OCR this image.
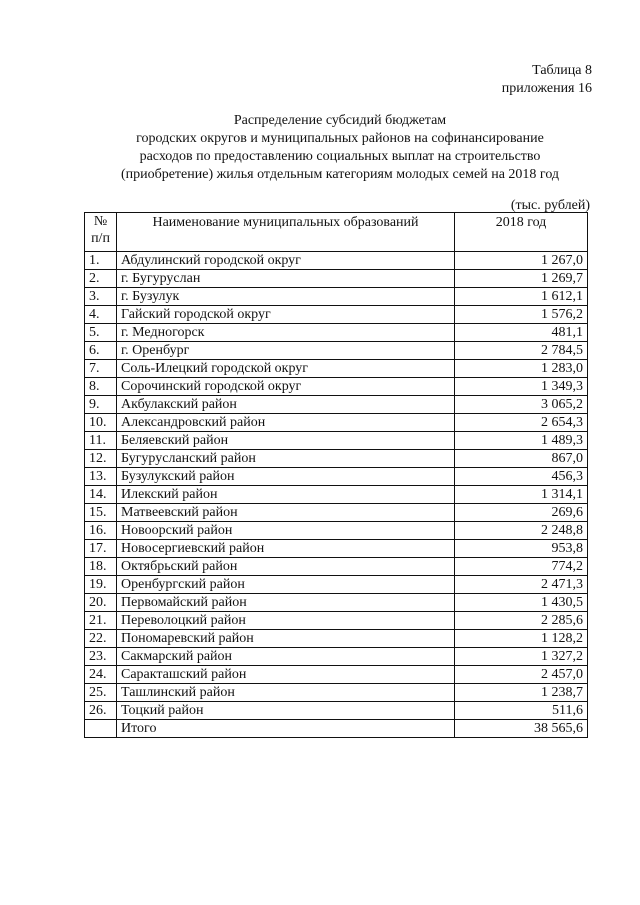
Таблица 8
приложения 16
Распределение субсидий бюджетам
городских округов и муниципальных районов на софинансирование
расходов по предоставлению социальных выплат на строительство
(приобретение) жилья отдельным категориям молодых семей на 2018 год
(тыс. рублей)
№ п/п	Наименование муниципальных образований	2018 год
1.	Абдулинский городской округ	1 267,0
2.	г. Бугуруслан	1 269,7
3.	г. Бузулук	1 612,1
4.	Гайский городской округ	1 576,2
5.	г. Медногорск	481,1
6.	г. Оренбург	2 784,5
7.	Соль-Илецкий городской округ	1 283,0
8.	Сорочинский городской округ	1 349,3
9.	Акбулакский район	3 065,2
10.	Александровский район	2 654,3
11.	Беляевский район	1 489,3
12.	Бугурусланский район	867,0
13.	Бузулукский район	456,3
14.	Илекский район	1 314,1
15.	Матвеевский район	269,6
16.	Новоорский район	2 248,8
17.	Новосергиевский район	953,8
18.	Октябрьский район	774,2
19.	Оренбургский район	2 471,3
20.	Первомайский район	1 430,5
21.	Переволоцкий район	2 285,6
22.	Пономаревский район	1 128,2
23.	Сакмарский район	1 327,2
24.	Саракташский район	2 457,0
25.	Ташлинский район	1 238,7
26.	Тоцкий район	511,6
	Итого	38 565,6
